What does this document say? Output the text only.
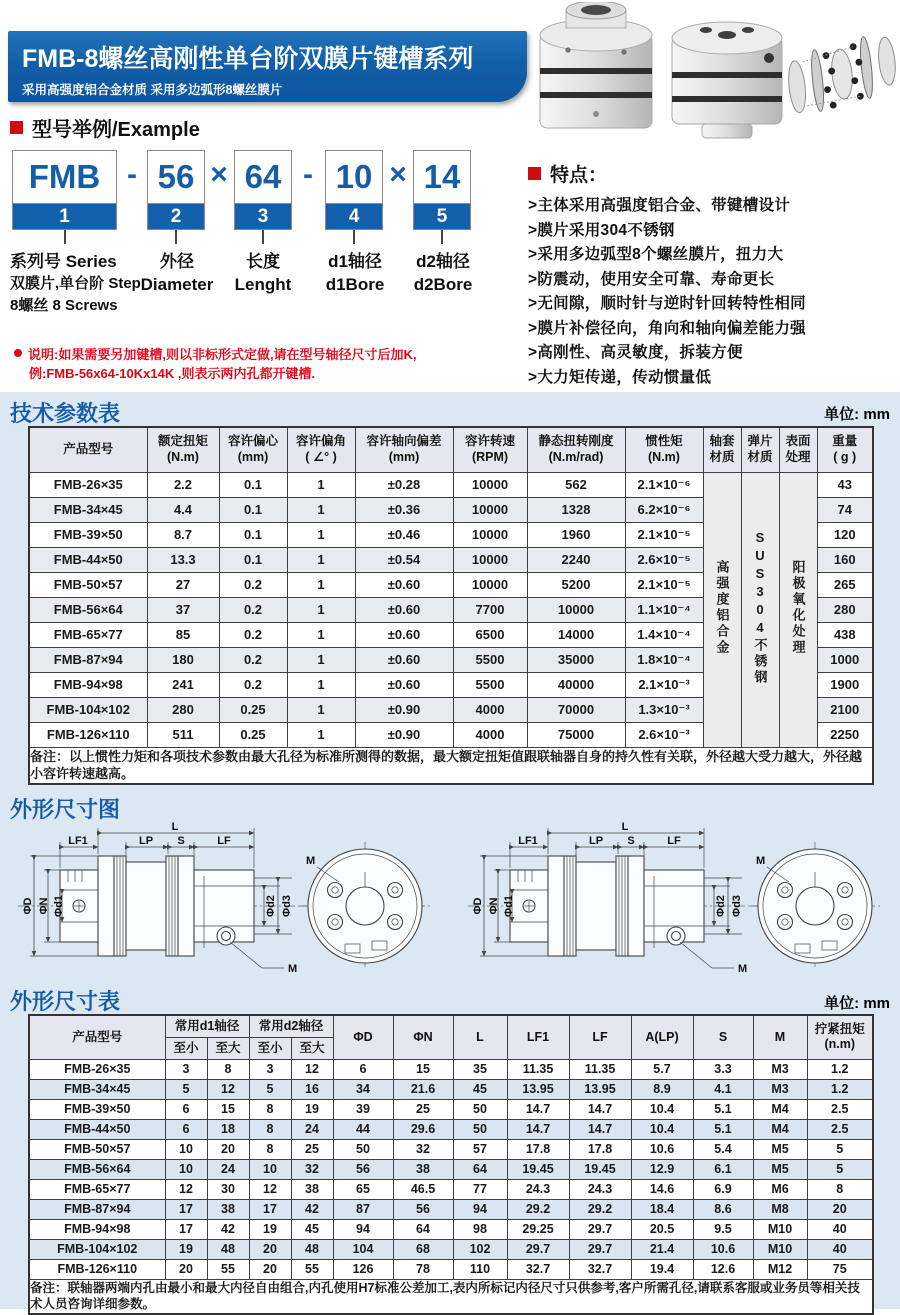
FMB-8螺丝高刚性单台阶双膜片键槽系列
采用高强度铝合金材质 采用多边弧形8螺丝膜片
型号举例/Example
FMB
1
- 56
2
× 64
3
- 10
4
× 14
5
系列号 Series
双膜片,单台阶 Step
8螺丝 8 Screws
外径
Diameter
长度
Lenght
d1轴径
d1Bore
d2轴径
d2Bore
说明:如果需要另加键槽,则以非标形式定做,请在型号轴径尺寸后加K,
例:FMB-56x64-10Kx14K ,则表示两内孔都开键槽.
特点：
>主体采用高强度铝合金、带键槽设计
>膜片采用304不锈钢
>采用多边弧型8个螺丝膜片，扭力大
>防震动，使用安全可靠、寿命更长
>无间隙，顺时针与逆时针回转特性相同
>膜片补偿径向，角向和轴向偏差能力强
>高刚性、高灵敏度，拆装方便
>大力矩传递，传动惯量低
技术参数表	单位: mm
产品型号

额定扭矩
(N.m)

容许偏心
(mm)

容许偏角
( ∠° )

容许轴向偏差
(mm)

容许转速
(RPM)

静态扭转刚度
(N.m/rad)

惯性矩
(N.m)

轴套
材质

弹片
材质

表面
处理

重量
( g )

FMB-26×35	2.2	0.1	1	±0.28	10000	562	2.1×10⁻⁶	高强度铝合金	SUS304不锈钢	阳极氧化处理	43
FMB-34×45	4.4	0.1	1	±0.36	10000	1328	6.2×10⁻⁶				74
FMB-39×50	8.7	0.1	1	±0.46	10000	1960	2.1×10⁻⁵				120
FMB-44×50	13.3	0.1	1	±0.54	10000	2240	2.6×10⁻⁵				160
FMB-50×57	27	0.2	1	±0.60	10000	5200	2.1×10⁻⁵				265
FMB-56×64	37	0.2	1	±0.60	7700	10000	1.1×10⁻⁴				280
FMB-65×77	85	0.2	1	±0.60	6500	14000	1.4×10⁻⁴				438
FMB-87×94	180	0.2	1	±0.60	5500	35000	1.8×10⁻⁴				1000
FMB-94×98	241	0.2	1	±0.60	5500	40000	2.1×10⁻³				1900
FMB-104×102	280	0.25	1	±0.90	4000	70000	1.3×10⁻³				2100
FMB-126×110	511	0.25	1	±0.90	4000	75000	2.6×10⁻³				2250
备注：以上惯性力矩和各项技术参数由最大孔径为标准所测得的数据，最大额定扭矩值跟联轴器自身的持久性有关联，外径越大受力越大，外径越小容许转速越高。											
外形尺寸图
外形尺寸表	单位: mm
产品型号	常用d1轴径		常用d2轴径		ΦD	ΦN	L	LF1	LF	A(LP)	S	M	拧紧扭矩
(n.m)

	至小	至大	至小	至大									
FMB-26×35	3	8	3	12	6	15	35	11.35	11.35	5.7	3.3	M3	1.2
FMB-34×45	5	12	5	16	34	21.6	45	13.95	13.95	8.9	4.1	M3	1.2
FMB-39×50	6	15	8	19	39	25	50	14.7	14.7	10.4	5.1	M4	2.5
FMB-44×50	6	18	8	24	44	29.6	50	14.7	14.7	10.4	5.1	M4	2.5
FMB-50×57	10	20	8	25	50	32	57	17.8	17.8	10.6	5.4	M5	5
FMB-56×64	10	24	10	32	56	38	64	19.45	19.45	12.9	6.1	M5	5
FMB-65×77	12	30	12	38	65	46.5	77	24.3	24.3	14.6	6.9	M6	8
FMB-87×94	17	38	17	42	87	56	94	29.2	29.2	18.4	8.6	M8	20
FMB-94×98	17	42	19	45	94	64	98	29.25	29.7	20.5	9.5	M10	40
FMB-104×102	19	48	20	48	104	68	102	29.7	29.7	21.4	10.6	M10	40
FMB-126×110	20	55	20	55	126	78	110	32.7	32.7	19.4	12.6	M12	75
备注：联轴器两端内孔由最小和最大内径自由组合,内孔使用H7标准公差加工,表内所标记内径尺寸只供参考,客户所需孔径,请联系客服或业务员等相关技术人员咨询详细参数。													
